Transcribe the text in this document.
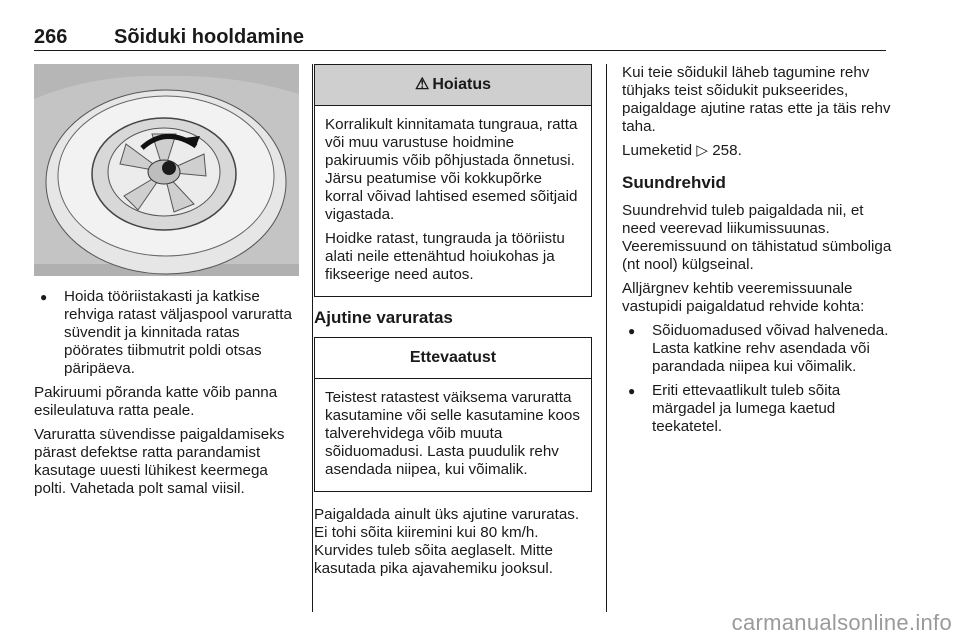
266 Sõiduki hooldamine
● Hoida tööriistakasti ja katkise rehviga ratast väljaspool varuratta süvendit ja kinnitada ratas pöörates tiibmutrit poldi otsas päripäeva.

Pakiruumi põranda katte võib panna esileulatuva ratta peale.

Varuratta süvendisse paigaldamiseks pärast defektse ratta parandamist kasutage uuesti lühikest keermega polti. Vahetada polt samal viisil.

⚠ Hoiatus

Korralikult kinnitamata tungraua, ratta või muu varustuse hoidmine pakiruumis võib põhjustada õnnetusi. Järsu peatumise või kokkupõrke korral võivad lahtised esemed sõitjaid vigastada.

Hoidke ratast, tungrauda ja tööriistu alati neile ettenähtud hoiukohas ja fikseerige need autos.

Ajutine varuratas
Ettevaatust

Teistest ratastest väiksema varuratta kasutamine või selle kasutamine koos talverehvidega võib muuta sõiduomadusi. Lasta puudulik rehv asendada niipea, kui võimalik.

Paigaldada ainult üks ajutine varuratas. Ei tohi sõita kiiremini kui 80 km/h. Kurvides tuleb sõita aeglaselt. Mitte kasutada pika ajavahemiku jooksul.

Kui teie sõidukil läheb tagumine rehv tühjaks teist sõidukit pukseerides, paigaldage ajutine ratas ette ja täis rehv taha.

Lumeketid ▷ 258.

Suundrehvid

Suundrehvid tuleb paigaldada nii, et need veerevad liikumissuunas. Veeremissuund on tähistatud sümboliga (nt nool) külgseinal.

Alljärgnev kehtib veeremissuunale vastupidi paigaldatud rehvide kohta:

● Sõiduomadused võivad halveneda. Lasta katkine rehv asendada või parandada niipea kui võimalik.
● Eriti ettevaatlikult tuleb sõita märgadel ja lumega kaetud teekatetel.
carmanualsonline.info
